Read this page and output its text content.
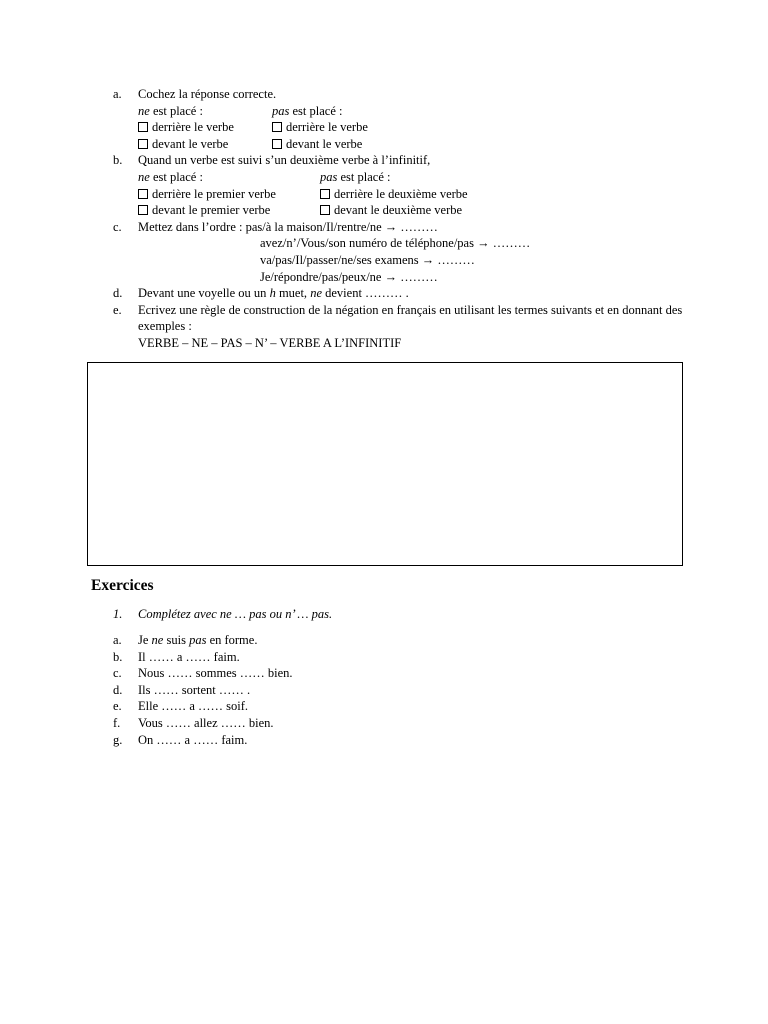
a.	Cochez la réponse correcte.
ne est placé :	pas est placé :
derrière le verbe	derrière le verbe
devant le verbe	devant le verbe
b.	Quand un verbe est suivi s’un deuxième verbe à l’infinitif,
ne est placé :	pas est placé :
derrière le premier verbe	derrière le deuxième verbe
devant le premier verbe	devant le deuxième verbe
c.	Mettez dans l’ordre : pas/à la maison/Il/rentre/ne → ………
avez/n’/Vous/son numéro de téléphone/pas → ………
va/pas/Il/passer/ne/ses examens → ………
Je/répondre/pas/peux/ne → ………
d.	Devant une voyelle ou un h muet, ne devient ……… .
e.	Ecrivez une règle de construction de la négation en français en utilisant les termes suivants et en donnant des exemples :
VERBE – NE – PAS – N’ – VERBE A L’INFINITIF
Exercices
1.	Complétez avec ne … pas ou n’ … pas.
a.	Je ne suis pas en forme.
b.	Il …… a …… faim.
c.	Nous …… sommes …… bien.
d.	Ils …… sortent …… .
e.	Elle …… a …… soif.
f.	Vous …… allez …… bien.
g.	On …… a …… faim.
